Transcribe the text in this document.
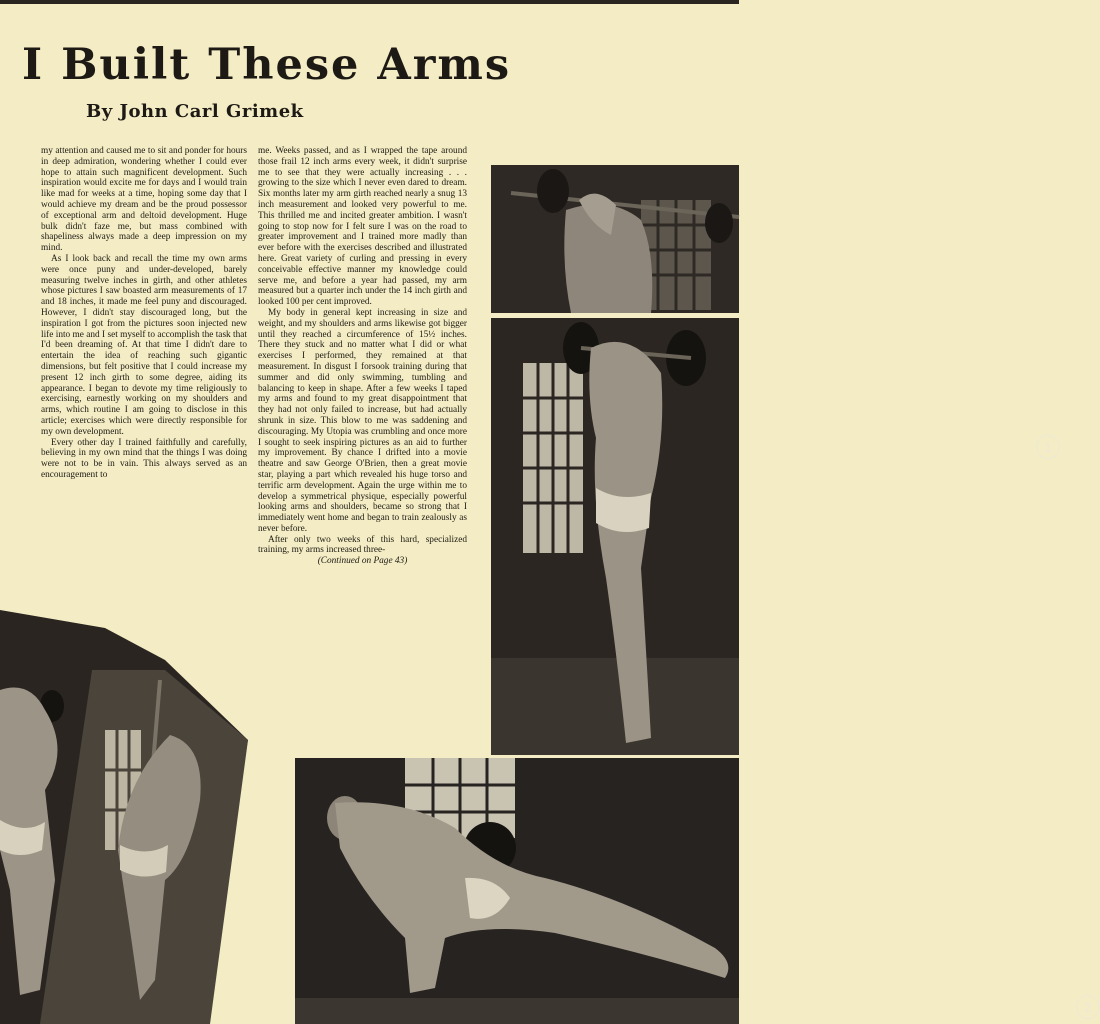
I Built These Arms
By John Carl Grimek

my attention and caused me to sit and ponder for hours in deep admiration, wondering whether I could ever hope to attain such magnificent development. Such inspiration would excite me for days and I would train like mad for weeks at a time, hoping some day that I would achieve my dream and be the proud possessor of exceptional arm and deltoid development. Huge bulk didn't faze me, but mass combined with shapeliness always made a deep impression on my mind.

As I look back and recall the time my own arms were once puny and under-developed, barely measuring twelve inches in girth, and other athletes whose pictures I saw boasted arm measurements of 17 and 18 inches, it made me feel puny and discouraged. However, I didn't stay discouraged long, but the inspiration I got from the pictures soon injected new life into me and I set myself to accomplish the task that I'd been dreaming of. At that time I didn't dare to entertain the idea of reaching such gigantic dimensions, but felt positive that I could increase my present 12 inch girth to some degree, aiding its appearance. I began to devote my time religiously to exercising, earnestly working on my shoulders and arms, which routine I am going to disclose in this article; exercises which were directly responsible for my own development.

Every other day I trained faithfully and carefully, believing in my own mind that the things I was doing were not to be in vain. This always served as an encouragement to

me. Weeks passed, and as I wrapped the tape around those frail 12 inch arms every week, it didn't surprise me to see that they were actually increasing . . . growing to the size which I never even dared to dream. Six months later my arm girth reached nearly a snug 13 inch measurement and looked very powerful to me. This thrilled me and incited greater ambition. I wasn't going to stop now for I felt sure I was on the road to greater improvement and I trained more madly than ever before with the exercises described and illustrated here. Great variety of curling and pressing in every conceivable effective manner my knowledge could serve me, and before a year had passed, my arm measured but a quarter inch under the 14 inch girth and looked 100 per cent improved.

My body in general kept increasing in size and weight, and my shoulders and arms likewise got bigger until they reached a circumference of 15½ inches. There they stuck and no matter what I did or what exercises I performed, they remained at that measurement. In disgust I forsook training during that summer and did only swimming, tumbling and balancing to keep in shape. After a few weeks I taped my arms and found to my great disappointment that they had not only failed to increase, but had actually shrunk in size. This blow to me was saddening and discouraging. My Utopia was crumbling and once more I sought to seek inspiring pictures as an aid to further my improvement. By chance I drifted into a movie theatre and saw George O'Brien, then a great movie star, playing a part which revealed his huge torso and terrific arm development. Again the urge within me to develop a symmetrical physique, especially powerful looking arms and shoulders, became so strong that I immediately went home and began to train zealously as never before.

After only two weeks of this hard, specialized training, my arms increased three-

(Continued on Page 43)

1
2
